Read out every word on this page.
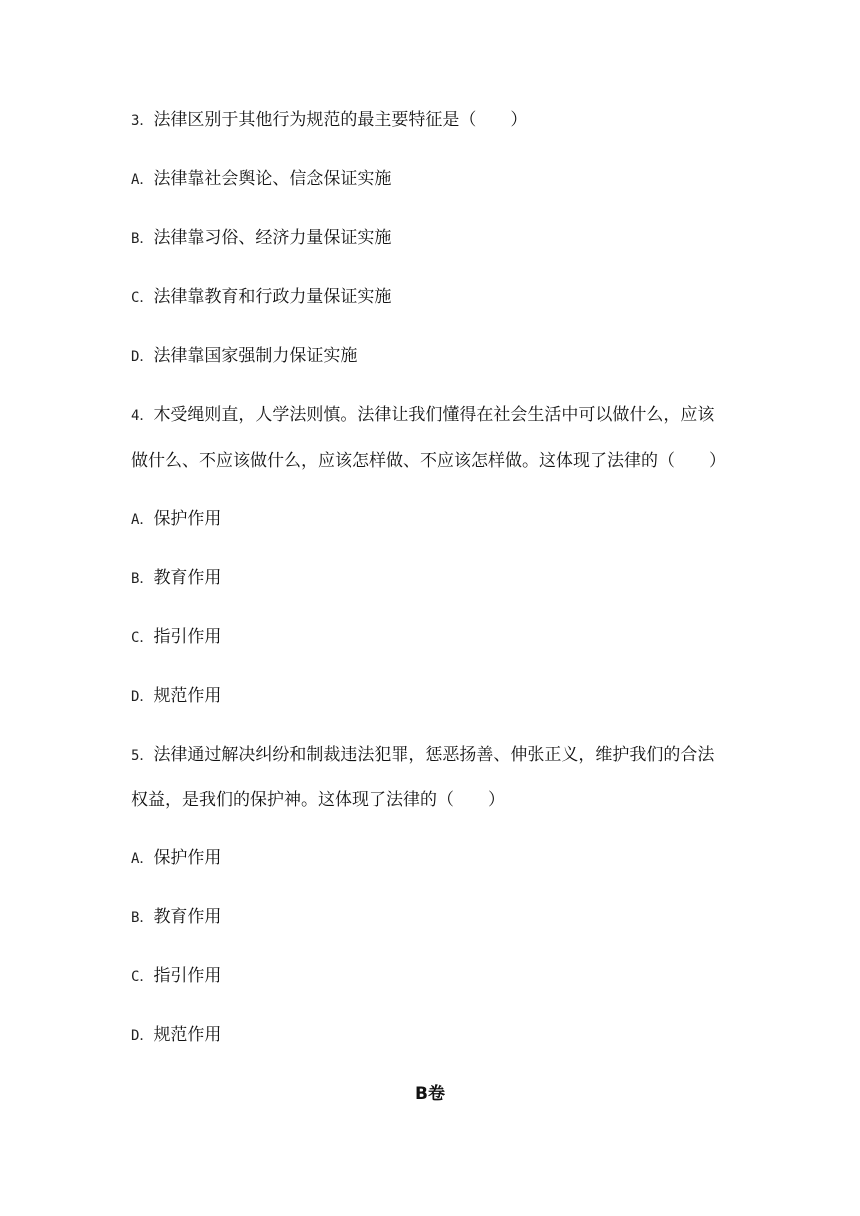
3．法律区别于其他行为规范的最主要特征是（　　）
A．法律靠社会舆论、信念保证实施
B．法律靠习俗、经济力量保证实施
C．法律靠教育和行政力量保证实施
D．法律靠国家强制力保证实施
4．木受绳则直，人学法则慎。法律让我们懂得在社会生活中可以做什么，应该
做什么、不应该做什么，应该怎样做、不应该怎样做。这体现了法律的（　　）
A．保护作用
B．教育作用
C．指引作用
D．规范作用
5．法律通过解决纠纷和制裁违法犯罪，惩恶扬善、伸张正义，维护我们的合法
权益，是我们的保护神。这体现了法律的（　　）
A．保护作用
B．教育作用
C．指引作用
D．规范作用
B卷
